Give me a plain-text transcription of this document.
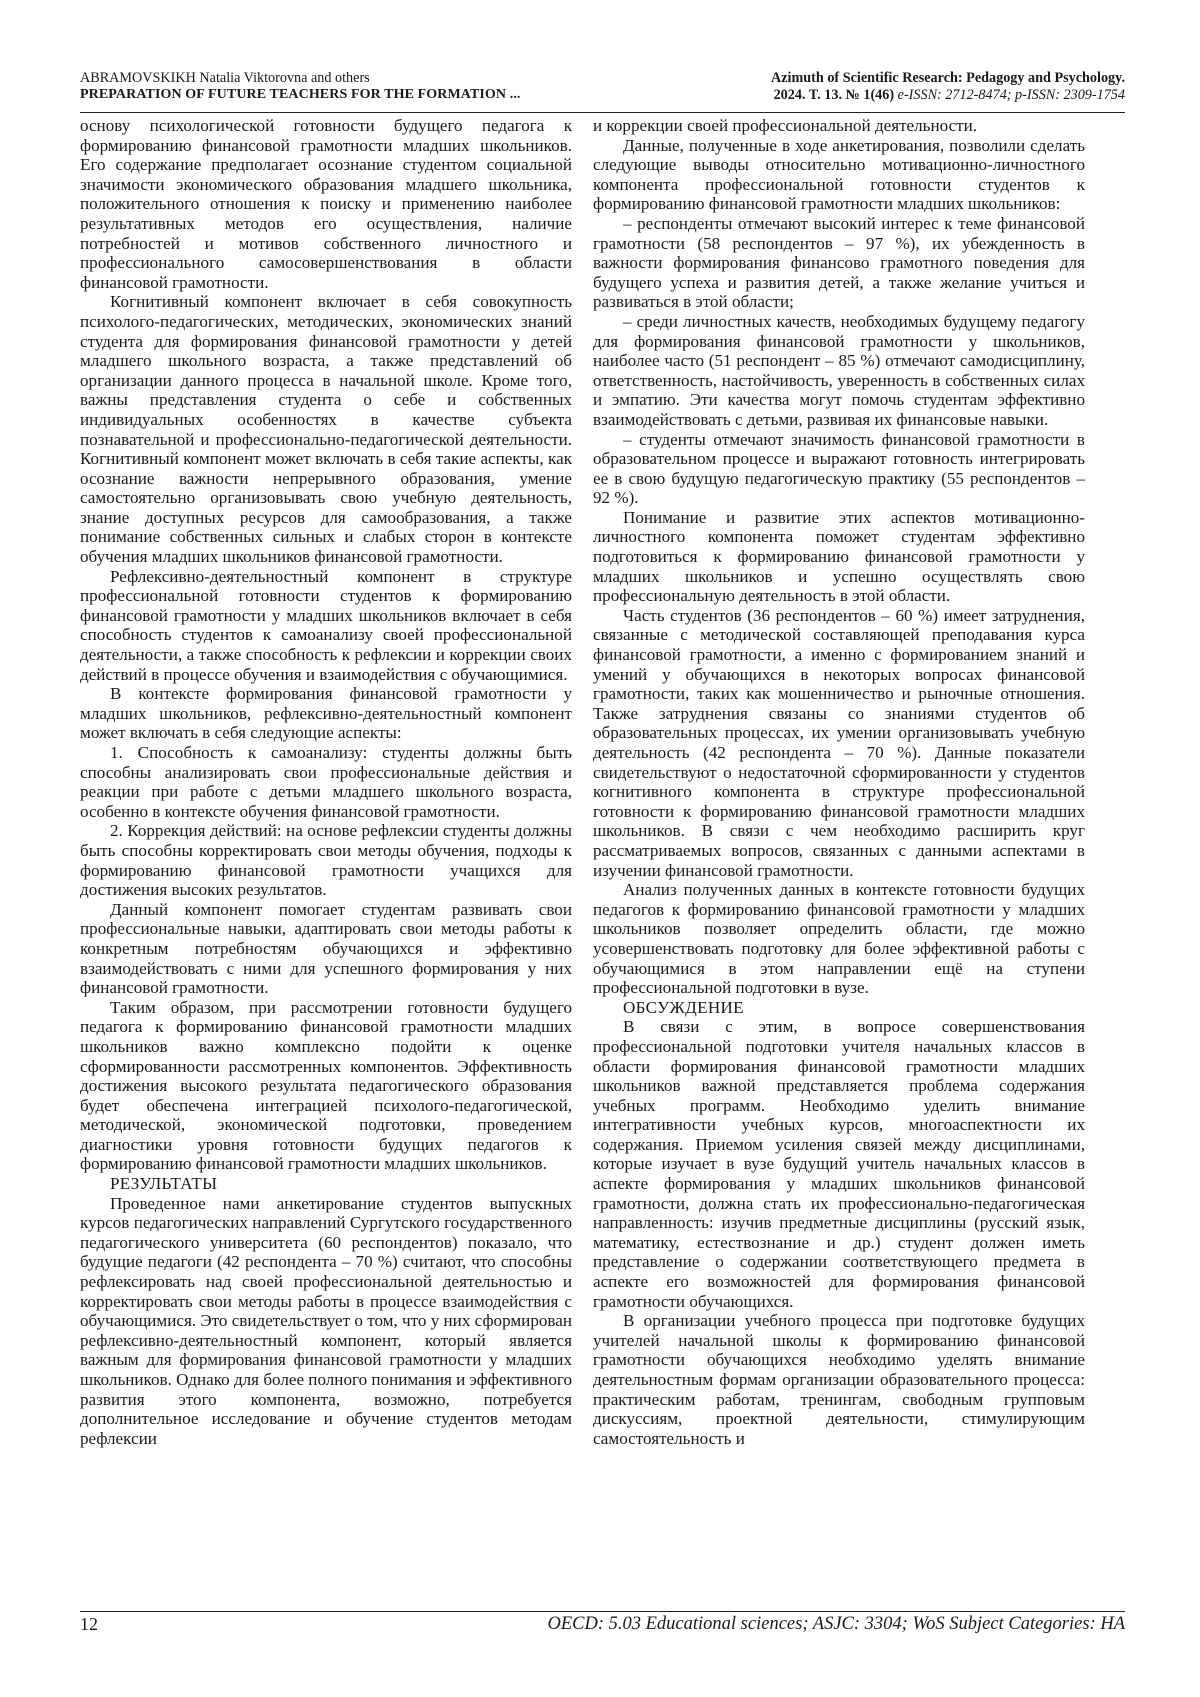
ABRAMOVSKIKH Natalia Viktorovna and others
PREPARATION OF FUTURE TEACHERS FOR THE FORMATION ...
Azimuth of Scientific Research: Pedagogy and Psychology.
2024. T. 13. № 1(46) e-ISSN: 2712-8474; p-ISSN: 2309-1754

основу психологической готовности будущего педагога к формированию финансовой грамотности младших школьников. Его содержание предполагает осознание студентом социальной значимости экономического образования младшего школьника, положительного отношения к поиску и применению наиболее результативных методов его осуществления, наличие потребностей и мотивов собственного личностного и профессионального самосовершенствования в области финансовой грамотности.

Когнитивный компонент включает в себя совокупность психолого-педагогических, методических, экономических знаний студента для формирования финансовой грамотности у детей младшего школьного возраста, а также представлений об организации данного процесса в начальной школе. Кроме того, важны представления студента о себе и собственных индивидуальных особенностях в качестве субъекта познавательной и профессионально-педагогической деятельности. Когнитивный компонент может включать в себя такие аспекты, как осознание важности непрерывного образования, умение самостоятельно организовывать свою учебную деятельность, знание доступных ресурсов для самообразования, а также понимание собственных сильных и слабых сторон в контексте обучения младших школьников финансовой грамотности.

Рефлексивно-деятельностный компонент в структуре профессиональной готовности студентов к формированию финансовой грамотности у младших школьников включает в себя способность студентов к самоанализу своей профессиональной деятельности, а также способность к рефлексии и коррекции своих действий в процессе обучения и взаимодействия с обучающимися.

В контексте формирования финансовой грамотности у младших школьников, рефлексивно-деятельностный компонент может включать в себя следующие аспекты:

1. Способность к самоанализу: студенты должны быть способны анализировать свои профессиональные действия и реакции при работе с детьми младшего школьного возраста, особенно в контексте обучения финансовой грамотности.

2. Коррекция действий: на основе рефлексии студенты должны быть способны корректировать свои методы обучения, подходы к формированию финансовой грамотности учащихся для достижения высоких результатов.

Данный компонент помогает студентам развивать свои профессиональные навыки, адаптировать свои методы работы к конкретным потребностям обучающихся и эффективно взаимодействовать с ними для успешного формирования у них финансовой грамотности.

Таким образом, при рассмотрении готовности будущего педагога к формированию финансовой грамотности младших школьников важно комплексно подойти к оценке сформированности рассмотренных компонентов. Эффективность достижения высокого результата педагогического образования будет обеспечена интеграцией психолого-педагогической, методической, экономической подготовки, проведением диагностики уровня готовности будущих педагогов к формированию финансовой грамотности младших школьников.

РЕЗУЛЬТАТЫ

Проведенное нами анкетирование студентов выпускных курсов педагогических направлений Сургутского государственного педагогического университета (60 респондентов) показало, что будущие педагоги (42 респондента – 70 %) считают, что способны рефлексировать над своей профессиональной деятельностью и корректировать свои методы работы в процессе взаимодействия с обучающимися. Это свидетельствует о том, что у них сформирован рефлексивно-деятельностный компонент, который является важным для формирования финансовой грамотности у младших школьников. Однако для более полного понимания и эффективного развития этого компонента, возможно, потребуется дополнительное исследование и обучение студентов методам рефлексии

и коррекции своей профессиональной деятельности.

Данные, полученные в ходе анкетирования, позволили сделать следующие выводы относительно мотивационно-личностного компонента профессиональной готовности студентов к формированию финансовой грамотности младших школьников:

– респонденты отмечают высокий интерес к теме финансовой грамотности (58 респондентов – 97 %), их убежденность в важности формирования финансово грамотного поведения для будущего успеха и развития детей, а также желание учиться и развиваться в этой области;

– среди личностных качеств, необходимых будущему педагогу для формирования финансовой грамотности у школьников, наиболее часто (51 респондент – 85 %) отмечают самодисциплину, ответственность, настойчивость, уверенность в собственных силах и эмпатию. Эти качества могут помочь студентам эффективно взаимодействовать с детьми, развивая их финансовые навыки.

– студенты отмечают значимость финансовой грамотности в образовательном процессе и выражают готовность интегрировать ее в свою будущую педагогическую практику (55 респондентов – 92 %).

Понимание и развитие этих аспектов мотивационно-личностного компонента поможет студентам эффективно подготовиться к формированию финансовой грамотности у младших школьников и успешно осуществлять свою профессиональную деятельность в этой области.

Часть студентов (36 респондентов – 60 %) имеет затруднения, связанные с методической составляющей преподавания курса финансовой грамотности, а именно с формированием знаний и умений у обучающихся в некоторых вопросах финансовой грамотности, таких как мошенничество и рыночные отношения. Также затруднения связаны со знаниями студентов об образовательных процессах, их умении организовывать учебную деятельность (42 респондента – 70 %). Данные показатели свидетельствуют о недостаточной сформированности у студентов когнитивного компонента в структуре профессиональной готовности к формированию финансовой грамотности младших школьников. В связи с чем необходимо расширить круг рассматриваемых вопросов, связанных с данными аспектами в изучении финансовой грамотности.

Анализ полученных данных в контексте готовности будущих педагогов к формированию финансовой грамотности у младших школьников позволяет определить области, где можно усовершенствовать подготовку для более эффективной работы с обучающимися в этом направлении ещё на ступени профессиональной подготовки в вузе.

ОБСУЖДЕНИЕ

В связи с этим, в вопросе совершенствования профессиональной подготовки учителя начальных классов в области формирования финансовой грамотности младших школьников важной представляется проблема содержания учебных программ. Необходимо уделить внимание интегративности учебных курсов, многоаспектности их содержания. Приемом усиления связей между дисциплинами, которые изучает в вузе будущий учитель начальных классов в аспекте формирования у младших школьников финансовой грамотности, должна стать их профессионально-педагогическая направленность: изучив предметные дисциплины (русский язык, математику, естествознание и др.) студент должен иметь представление о содержании соответствующего предмета в аспекте его возможностей для формирования финансовой грамотности обучающихся.

В организации учебного процесса при подготовке будущих учителей начальной школы к формированию финансовой грамотности обучающихся необходимо уделять внимание деятельностным формам организации образовательного процесса: практическим работам, тренингам, свободным групповым дискуссиям, проектной деятельности, стимулирующим самостоятельность и

12	OECD: 5.03 Educational sciences; ASJC: 3304; WoS Subject Categories: HA
